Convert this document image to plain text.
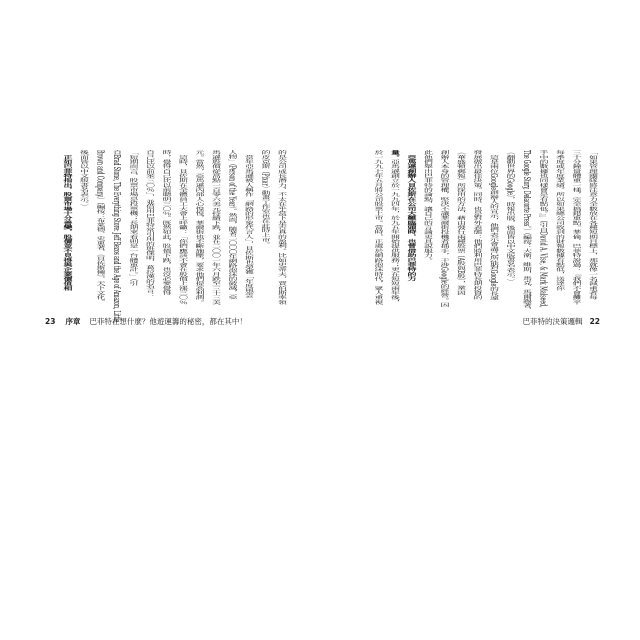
「如果管理團隊將注意力全數放在各種短期目標上，那就像一名減重者每
三十分鐘量體重一樣，完全搞錯重點。華倫．巴菲特說過：『我們不會攤平
每季度或年度業績。所以如果總公司收到的財報數據有點低，送達你
手中的數據也同樣會是有點低。』」（引自David A. Vise, & Mark Malseed,
The Google Story, Delacorte Press。）（編按：大衛．維斯，馬克．馬爾錫著，
《翻動世界的Google》，時報出版，後面皆以中文版書名表示。）
　這是兩位Google創辦人的宣示，他們表示會盡己所能對Google的長遠
發展做出最佳決策。同時，也是對外表態：他們將利用巴菲特長期投資的
《華盛頓郵報》所採用的方法，藉由發行兩種股票（A股與B股），鞏固
創辦人本身的管理權，堅決不讓華爾街投機者插手，干涉Google的經營。因
此他們舉出巴菲特的論點，讓自己的言論更具說服力。
　亞馬遜創辦人貝佐斯在公司大難臨頭時，也曾借助巴菲特的力
量。亞馬遜創立於一九九四年，於九五年開始提供服務；更在短短兩年後，
於一九九七年五月將公司股票上市。當時，正處於網路泡沫時代，眾人重視
的是公司成長潛力，不太在乎當下是否真的盈利。比如史蒂夫．賈伯斯率領
的皮克斯（Pixar）動畫工作室也在此時上市。
　當年亞馬遜被人稱作「網路的形象代言人」，貝佐斯也榮獲「年度風雲
人物」（Person of the Year）。然而，隨著二〇〇〇年網路泡沫的破滅，亞
馬遜股價從高點一百零六美元持續下跌，並在二〇〇一年六月跌至三十三美
元。當然，亞馬遜內部人心惶惶，華爾街也不斷施壓，要求他們提高利潤。
　這時，貝佐斯在全體員工大會上呼籲：「你們應該不會在股價上漲三〇％
時，覺得自己比以前聰明三〇％。既然如此，股價下跌，也沒必要覺得
自己比以前笨三〇％」，並借用巴菲特常引用的班傑明．葛拉漢的名言：
「短期而言，股票市場是投票機；長期來看則是一台體重計。」（引
自Brad Stone, The Everything Store: Jeff Bezos and the Age of Amazon, Little,
Brown and Company.）（編按：布萊德．史東著，《貝佐斯傳》，天下文化。
後面皆以中文版書名表示。）
　正如巴菲特指出，股票市場十分善變，股價並不見得與企業價值相
23 序章 巴菲特在想什麼？他遊運籌的秘密，都在其中！	巴菲特的決策邏輯 22
